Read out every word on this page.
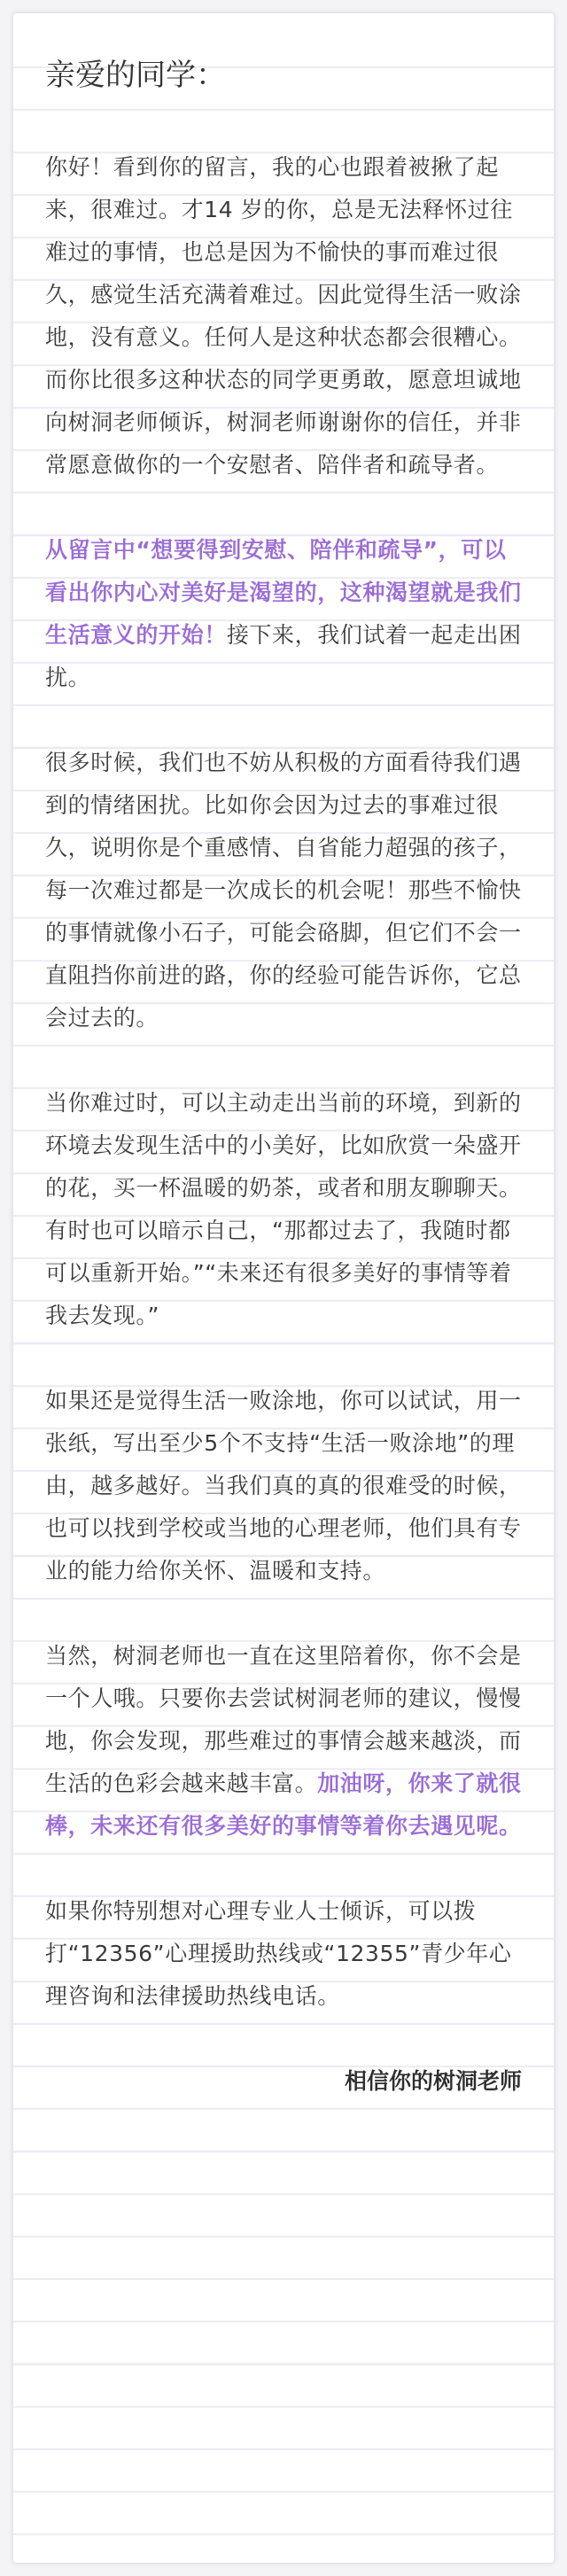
亲爱的同学：

你好！看到你的留言，我的心也跟着被揪了起来，很难过。才14 岁的你，总是无法释怀过往难过的事情，也总是因为不愉快的事而难过很久，感觉生活充满着难过。因此觉得生活一败涂地，没有意义。任何人是这种状态都会很糟心。而你比很多这种状态的同学更勇敢，愿意坦诚地向树洞老师倾诉，树洞老师谢谢你的信任，并非常愿意做你的一个安慰者、陪伴者和疏导者。

从留言中“想要得到安慰、陪伴和疏导”，可以看出你内心对美好是渴望的，这种渴望就是我们生活意义的开始！接下来，我们试着一起走出困扰。

很多时候，我们也不妨从积极的方面看待我们遇到的情绪困扰。比如你会因为过去的事难过很久，说明你是个重感情、自省能力超强的孩子，每一次难过都是一次成长的机会呢！那些不愉快的事情就像小石子，可能会硌脚，但它们不会一直阻挡你前进的路，你的经验可能告诉你，它总会过去的。

当你难过时，可以主动走出当前的环境，到新的环境去发现生活中的小美好，比如欣赏一朵盛开的花，买一杯温暖的奶茶，或者和朋友聊聊天。有时也可以暗示自己，“那都过去了，我随时都可以重新开始。”“未来还有很多美好的事情等着我去发现。”

如果还是觉得生活一败涂地，你可以试试，用一张纸，写出至少5个不支持“生活一败涂地”的理由，越多越好。当我们真的真的很难受的时候，也可以找到学校或当地的心理老师，他们具有专业的能力给你关怀、温暖和支持。

当然，树洞老师也一直在这里陪着你，你不会是一个人哦。只要你去尝试树洞老师的建议，慢慢地，你会发现，那些难过的事情会越来越淡，而生活的色彩会越来越丰富。加油呀，你来了就很棒，未来还有很多美好的事情等着你去遇见呢。

如果你特别想对心理专业人士倾诉，可以拨打“12356”心理援助热线或“12355”青少年心理咨询和法律援助热线电话。

相信你的树洞老师
